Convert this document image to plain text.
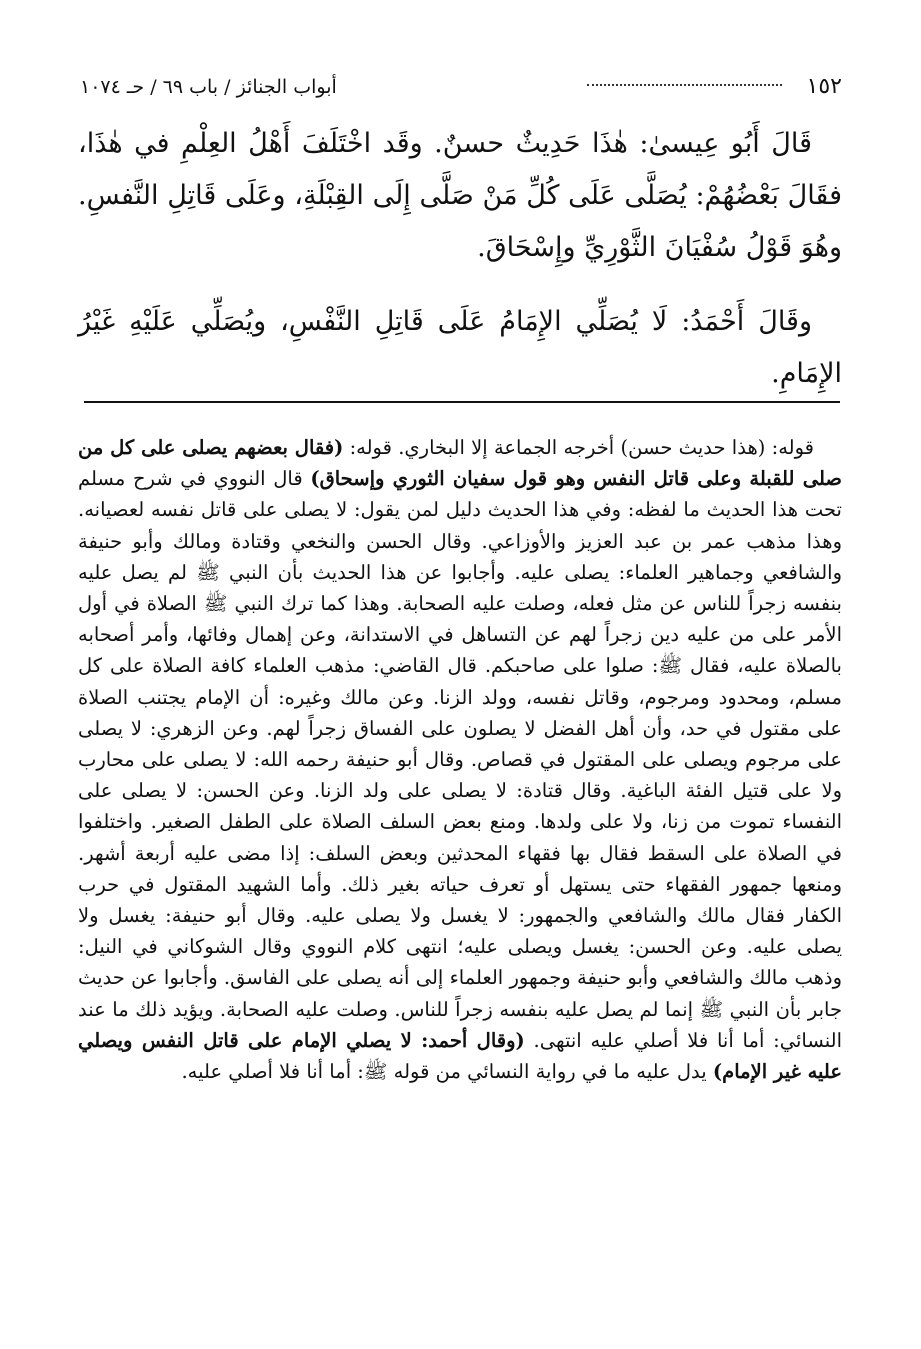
١٥٢
أبواب الجنائز / باب ٦٩ / حـ ١٠٧٤

قَالَ أَبُو عِيسىٰ: هٰذَا حَدِيثٌ حسنٌ. وقَد اخْتَلَفَ أَهْلُ العِلْمِ في هٰذَا، فقَالَ بَعْضُهُمْ: يُصَلَّى عَلَى كُلِّ مَنْ صَلَّى إِلَى القِبْلَةِ، وعَلَى قَاتِلِ النَّفسِ. وهُوَ قَوْلُ سُفْيَانَ الثَّوْرِيِّ وإِسْحَاقَ.

وقَالَ أَحْمَدُ: لَا يُصَلِّي الإِمَامُ عَلَى قَاتِلِ النَّفْسِ، ويُصَلِّي عَلَيْهِ غَيْرُ الإِمَامِ.

قوله: (هذا حديث حسن) أخرجه الجماعة إلا البخاري. قوله: (فقال بعضهم يصلى على كل من صلى للقبلة وعلى قاتل النفس وهو قول سفيان الثوري وإسحاق) قال النووي في شرح مسلم تحت هذا الحديث ما لفظه: وفي هذا الحديث دليل لمن يقول: لا يصلى على قاتل نفسه لعصيانه. وهذا مذهب عمر بن عبد العزيز والأوزاعي. وقال الحسن والنخعي وقتادة ومالك وأبو حنيفة والشافعي وجماهير العلماء: يصلى عليه. وأجابوا عن هذا الحديث بأن النبي ﷺ لم يصل عليه بنفسه زجراً للناس عن مثل فعله، وصلت عليه الصحابة. وهذا كما ترك النبي ﷺ الصلاة في أول الأمر على من عليه دين زجراً لهم عن التساهل في الاستدانة، وعن إهمال وفائها، وأمر أصحابه بالصلاة عليه، فقال ﷺ: صلوا على صاحبكم. قال القاضي: مذهب العلماء كافة الصلاة على كل مسلم، ومحدود ومرجوم، وقاتل نفسه، وولد الزنا. وعن مالك وغيره: أن الإمام يجتنب الصلاة على مقتول في حد، وأن أهل الفضل لا يصلون على الفساق زجراً لهم. وعن الزهري: لا يصلى على مرجوم ويصلى على المقتول في قصاص. وقال أبو حنيفة رحمه الله: لا يصلى على محارب ولا على قتيل الفئة الباغية. وقال قتادة: لا يصلى على ولد الزنا. وعن الحسن: لا يصلى على النفساء تموت من زنا، ولا على ولدها. ومنع بعض السلف الصلاة على الطفل الصغير. واختلفوا في الصلاة على السقط فقال بها فقهاء المحدثين وبعض السلف: إذا مضى عليه أربعة أشهر. ومنعها جمهور الفقهاء حتى يستهل أو تعرف حياته بغير ذلك. وأما الشهيد المقتول في حرب الكفار فقال مالك والشافعي والجمهور: لا يغسل ولا يصلى عليه. وقال أبو حنيفة: يغسل ولا يصلى عليه. وعن الحسن: يغسل ويصلى عليه؛ انتهى كلام النووي وقال الشوكاني في النيل: وذهب مالك والشافعي وأبو حنيفة وجمهور العلماء إلى أنه يصلى على الفاسق. وأجابوا عن حديث جابر بأن النبي ﷺ إنما لم يصل عليه بنفسه زجراً للناس. وصلت عليه الصحابة. ويؤيد ذلك ما عند النسائي: أما أنا فلا أصلي عليه انتهى. (وقال أحمد: لا يصلي الإمام على قاتل النفس ويصلي عليه غير الإمام) يدل عليه ما في رواية النسائي من قوله ﷺ: أما أنا فلا أصلي عليه.
